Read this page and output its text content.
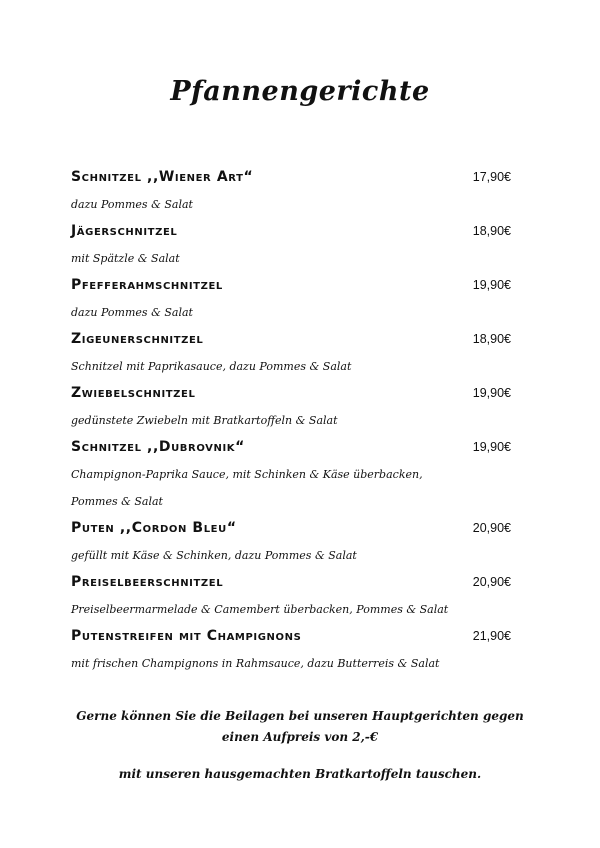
Pfannengerichte
Schnitzel ,,Wiener Art“	17,90€
dazu Pommes & Salat
Jägerschnitzel	18,90€
mit Spätzle & Salat
Pfefferahmschnitzel	19,90€
dazu Pommes & Salat
Zigeunerschnitzel	18,90€
Schnitzel mit Paprikasauce, dazu Pommes & Salat
Zwiebelschnitzel	19,90€
gedünstete Zwiebeln mit Bratkartoffeln & Salat
Schnitzel ,,Dubrovnik“	19,90€
Champignon-Paprika Sauce, mit Schinken & Käse überbacken,
Pommes & Salat
Puten ,,Cordon Bleu“	20,90€
gefüllt mit Käse & Schinken, dazu Pommes & Salat
Preiselbeerschnitzel	20,90€
Preiselbeermarmelade & Camembert überbacken, Pommes & Salat
Putenstreifen mit Champignons	21,90€
mit frischen Champignons in Rahmsauce, dazu Butterreis & Salat
Gerne können Sie die Beilagen bei unseren Hauptgerichten gegen
einen Aufpreis von 2,-€
mit unseren hausgemachten Bratkartoffeln tauschen.
